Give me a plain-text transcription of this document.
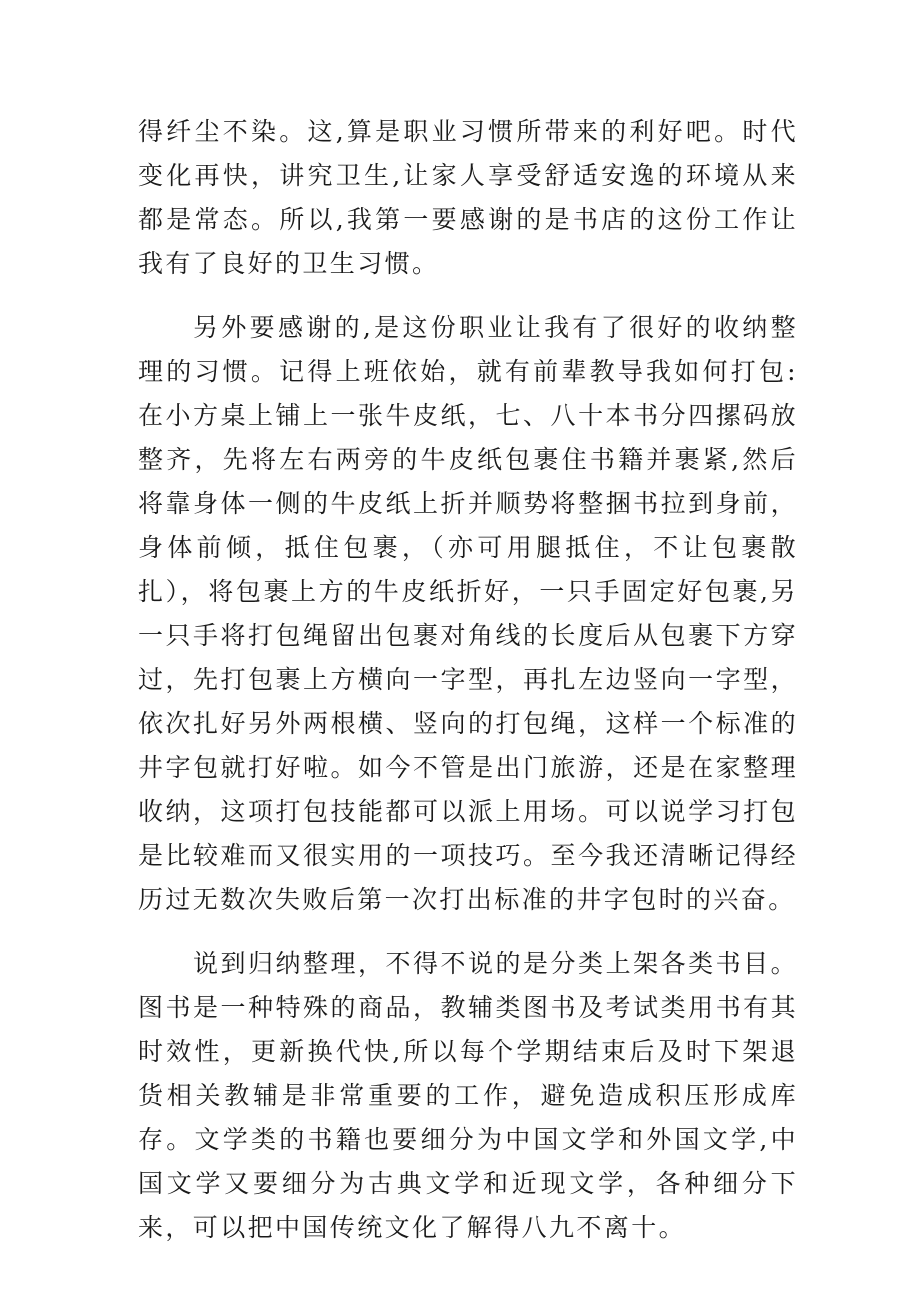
得纤尘不染。这,算是职业习惯所带来的利好吧。时代变化再快，讲究卫生,让家人享受舒适安逸的环境从来都是常态。所以,我第一要感谢的是书店的这份工作让我有了良好的卫生习惯。

另外要感谢的,是这份职业让我有了很好的收纳整理的习惯。记得上班依始，就有前辈教导我如何打包:在小方桌上铺上一张牛皮纸，七、八十本书分四摞码放整齐，先将左右两旁的牛皮纸包裹住书籍并裹紧,然后将靠身体一侧的牛皮纸上折并顺势将整捆书拉到身前，身体前倾，抵住包裹，（亦可用腿抵住，不让包裹散扎），将包裹上方的牛皮纸折好，一只手固定好包裹,另一只手将打包绳留出包裹对角线的长度后从包裹下方穿过，先打包裹上方横向一字型，再扎左边竖向一字型，依次扎好另外两根横、竖向的打包绳，这样一个标准的井字包就打好啦。如今不管是出门旅游，还是在家整理收纳，这项打包技能都可以派上用场。可以说学习打包是比较难而又很实用的一项技巧。至今我还清晰记得经历过无数次失败后第一次打出标准的井字包时的兴奋。

说到归纳整理，不得不说的是分类上架各类书目。图书是一种特殊的商品，教辅类图书及考试类用书有其时效性，更新换代快,所以每个学期结束后及时下架退货相关教辅是非常重要的工作，避免造成积压形成库存。文学类的书籍也要细分为中国文学和外国文学,中国文学又要细分为古典文学和近现文学，各种细分下来，可以把中国传统文化了解得八九不离十。
